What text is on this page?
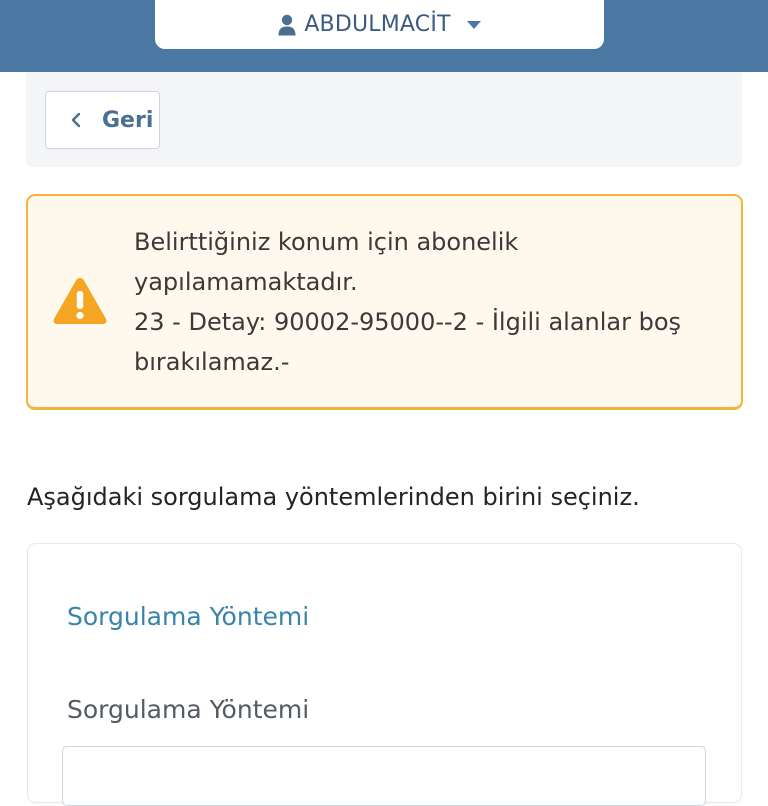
ABDULMACİT
Geri
Belirttiğiniz konum için abonelik yapılamamaktadır.
23 - Detay: 90002-95000--2 - İlgili alanlar boş bırakılamaz.-
Aşağıdaki sorgulama yöntemlerinden birini seçiniz.
Sorgulama Yöntemi
Sorgulama Yöntemi
